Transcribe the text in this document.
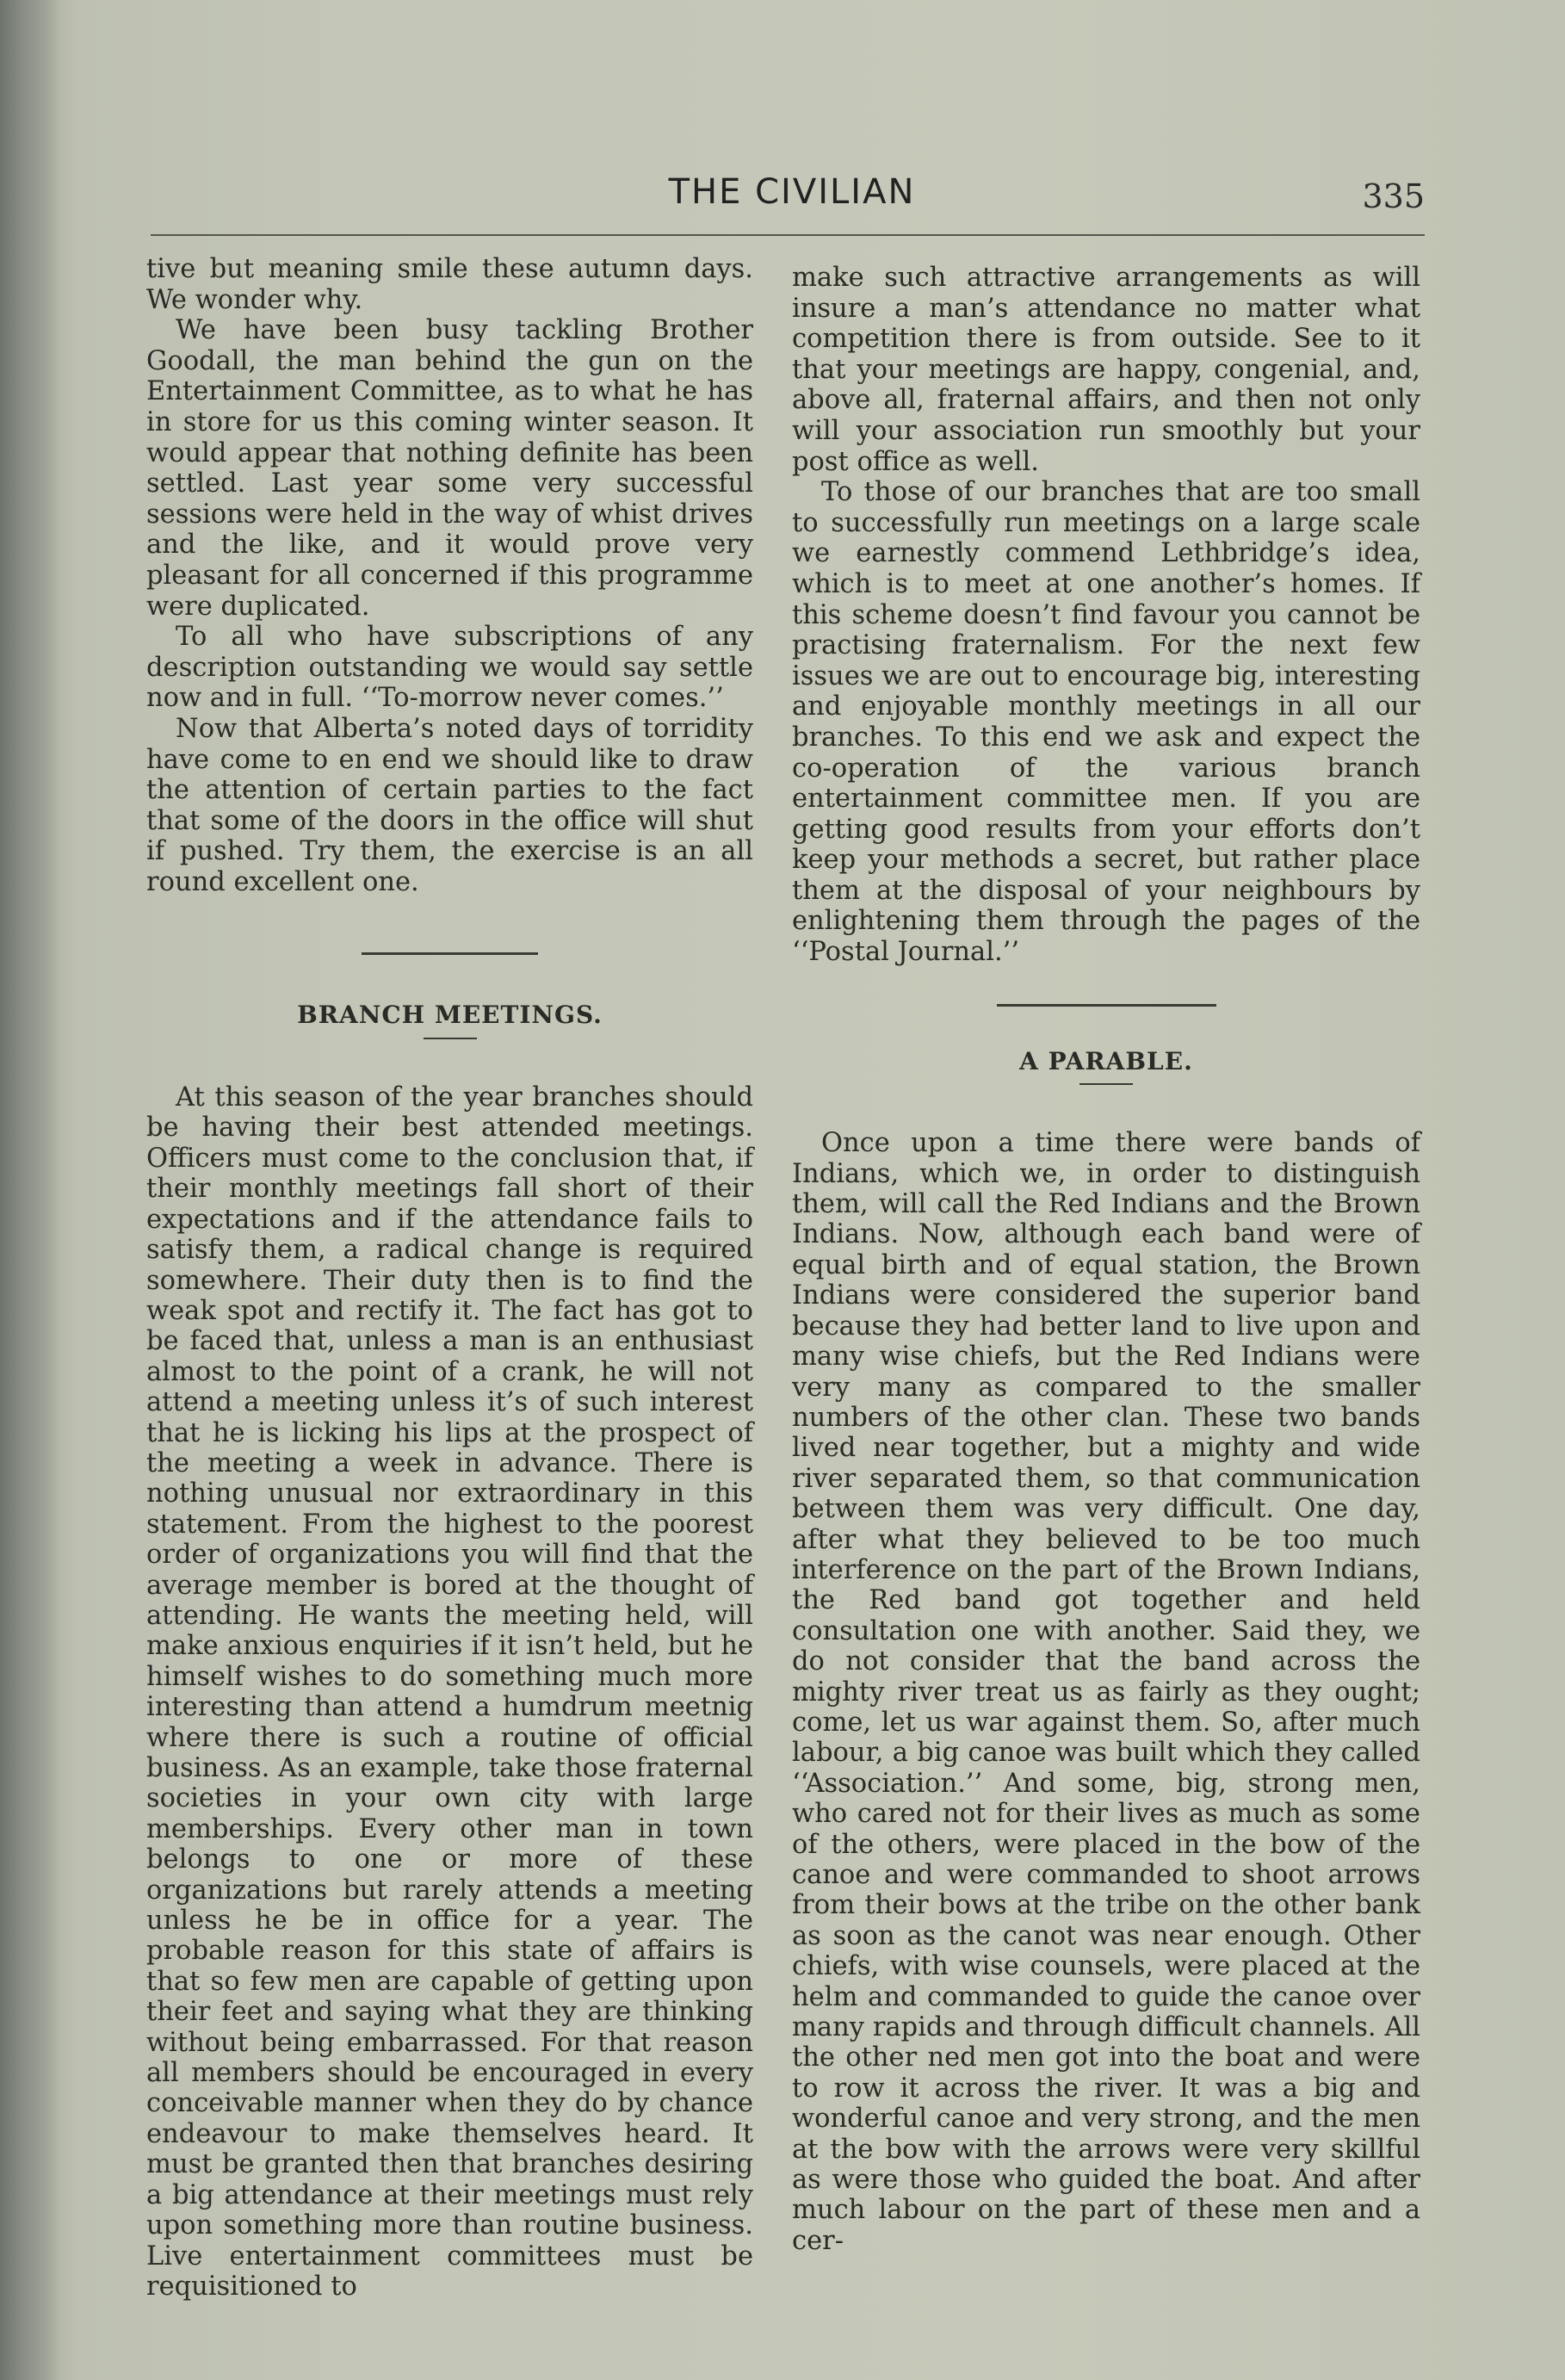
THE CIVILIAN	335

tive but meaning smile these autumn days. We wonder why.

We have been busy tackling Brother Goodall, the man behind the gun on the Entertainment Committee, as to what he has in store for us this coming winter season. It would appear that nothing definite has been settled. Last year some very successful sessions were held in the way of whist drives and the like, and it would prove very pleasant for all concerned if this programme were duplicated.

To all who have subscriptions of any description outstanding we would say settle now and in full. ‘‘To-morrow never comes.’’

Now that Alberta’s noted days of torridity have come to en end we should like to draw the attention of certain parties to the fact that some of the doors in the office will shut if pushed. Try them, the exercise is an all round excellent one.

BRANCH MEETINGS.

At this season of the year branches should be having their best attended meetings. Officers must come to the conclusion that, if their monthly meetings fall short of their expectations and if the attendance fails to satisfy them, a radical change is required somewhere. Their duty then is to find the weak spot and rectify it. The fact has got to be faced that, unless a man is an enthusiast almost to the point of a crank, he will not attend a meeting unless it’s of such interest that he is licking his lips at the prospect of the meeting a week in advance. There is nothing unusual nor extraordinary in this statement. From the highest to the poorest order of organizations you will find that the average member is bored at the thought of attending. He wants the meeting held, will make anxious enquiries if it isn’t held, but he himself wishes to do something much more interesting than attend a humdrum meetnig where there is such a routine of official business. As an example, take those fraternal societies in your own city with large memberships. Every other man in town belongs to one or more of these organizations but rarely attends a meeting unless he be in office for a year. The probable reason for this state of affairs is that so few men are capable of getting upon their feet and saying what they are thinking without being embarrassed. For that reason all members should be encouraged in every conceivable manner when they do by chance endeavour to make themselves heard. It must be granted then that branches desiring a big attendance at their meetings must rely upon something more than routine business. Live entertainment committees must be requisitioned to

make such attractive arrangements as will insure a man’s attendance no matter what competition there is from outside. See to it that your meetings are happy, congenial, and, above all, fraternal affairs, and then not only will your association run smoothly but your post office as well.

To those of our branches that are too small to successfully run meetings on a large scale we earnestly commend Lethbridge’s idea, which is to meet at one another’s homes. If this scheme doesn’t find favour you cannot be practising fraternalism. For the next few issues we are out to encourage big, interesting and enjoyable monthly meetings in all our branches. To this end we ask and expect the co-operation of the various branch entertainment committee men. If you are getting good results from your efforts don’t keep your methods a secret, but rather place them at the disposal of your neighbours by enlightening them through the pages of the ‘‘Postal Journal.’’

A PARABLE.

Once upon a time there were bands of Indians, which we, in order to distinguish them, will call the Red Indians and the Brown Indians. Now, although each band were of equal birth and of equal station, the Brown Indians were considered the superior band because they had better land to live upon and many wise chiefs, but the Red Indians were very many as compared to the smaller numbers of the other clan. These two bands lived near together, but a mighty and wide river separated them, so that communication between them was very difficult. One day, after what they believed to be too much interference on the part of the Brown Indians, the Red band got together and held consultation one with another. Said they, we do not consider that the band across the mighty river treat us as fairly as they ought; come, let us war against them. So, after much labour, a big canoe was built which they called ‘‘Association.’’ And some, big, strong men, who cared not for their lives as much as some of the others, were placed in the bow of the canoe and were commanded to shoot arrows from their bows at the tribe on the other bank as soon as the canot was near enough. Other chiefs, with wise counsels, were placed at the helm and commanded to guide the canoe over many rapids and through difficult channels. All the other ned men got into the boat and were to row it across the river. It was a big and wonderful canoe and very strong, and the men at the bow with the arrows were very skillful as were those who guided the boat. And after much labour on the part of these men and a cer-
